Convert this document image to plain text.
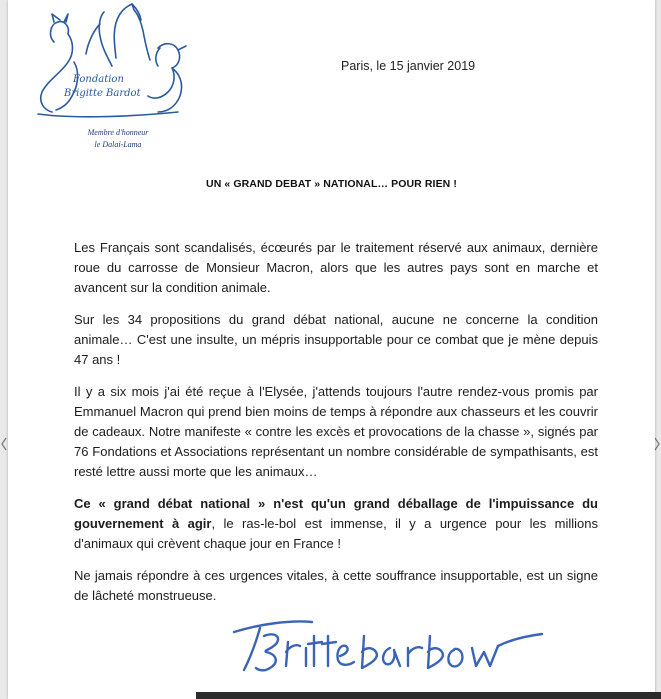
Fondation
Brigitte Bardot
Membre d'honneur
le Dalaï-Lama
Paris, le 15 janvier 2019
UN « GRAND DEBAT » NATIONAL… POUR RIEN !

Les Français sont scandalisés, écœurés par le traitement réservé aux animaux, dernière roue du carrosse de Monsieur Macron, alors que les autres pays sont en marche et avancent sur la condition animale.

Sur les 34 propositions du grand débat national, aucune ne concerne la condition animale… C'est une insulte, un mépris insupportable pour ce combat que je mène depuis 47 ans !

Il y a six mois j'ai été reçue à l'Elysée, j'attends toujours l'autre rendez-vous promis par Emmanuel Macron qui prend bien moins de temps à répondre aux chasseurs et les couvrir de cadeaux. Notre manifeste « contre les excès et provocations de la chasse », signés par 76 Fondations et Associations représentant un nombre considérable de sympathisants, est resté lettre aussi morte que les animaux…

Ce « grand débat national » n'est qu'un grand déballage de l'impuissance du gouvernement à agir, le ras-le-bol est immense, il y a urgence pour les millions d'animaux qui crèvent chaque jour en France !

Ne jamais répondre à ces urgences vitales, à cette souffrance insupportable, est un signe de lâcheté monstrueuse.
